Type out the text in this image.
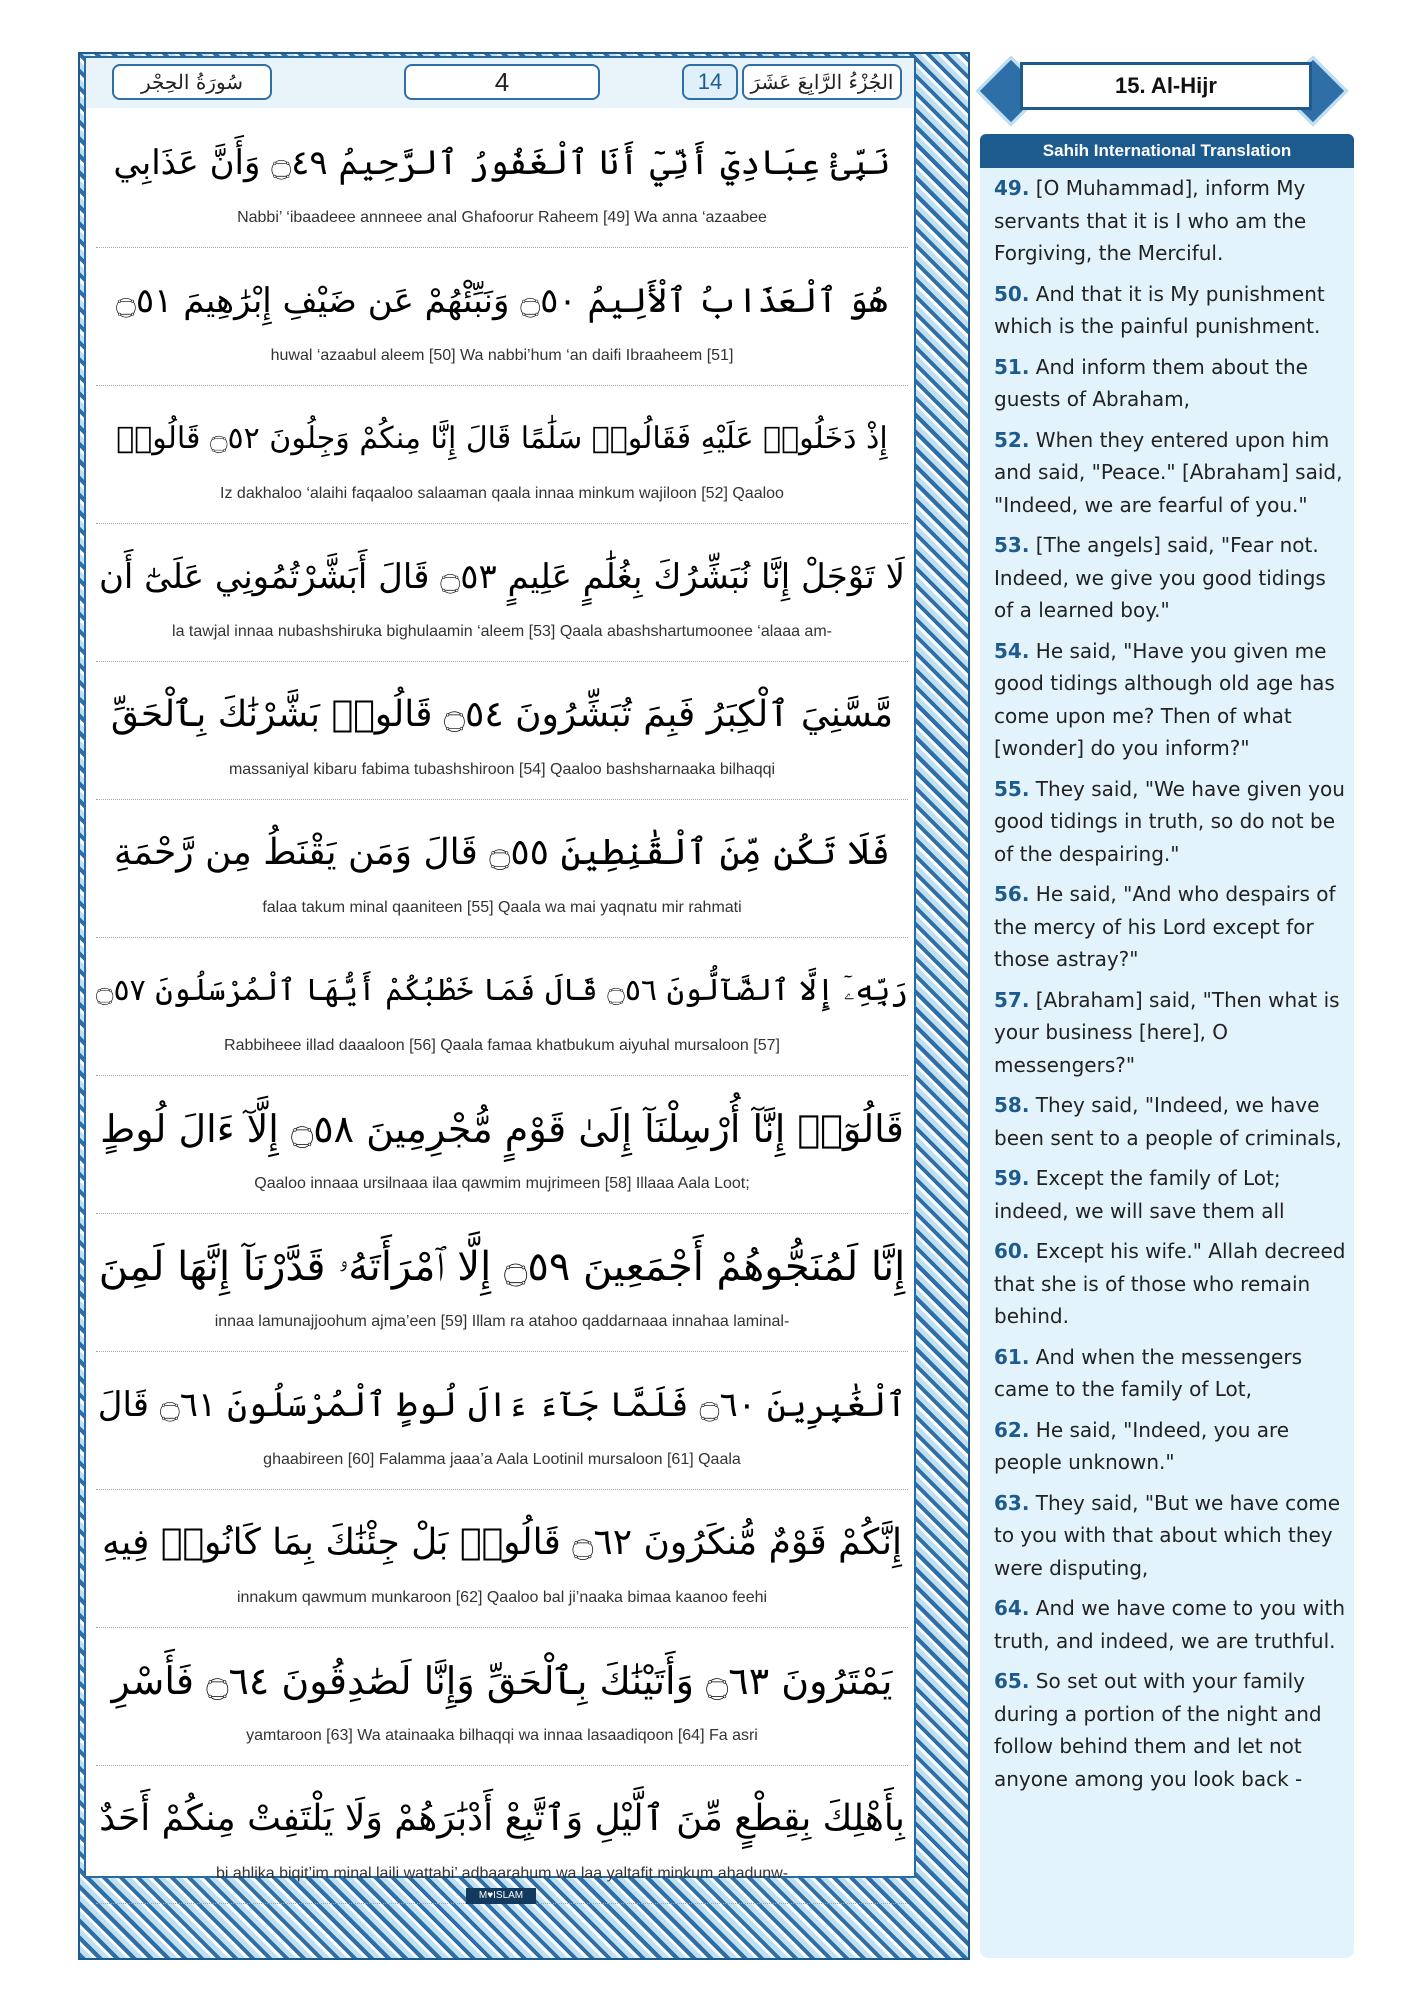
سُورَةُ الحِجْر	4	14	الجُزْءُ الرَّابِعَ عَشَرَ
نَبِّئْ عِبَادِيٓ أَنِّيٓ أَنَا ٱلْغَفُورُ ٱلرَّحِيمُ ۝٤٩ وَأَنَّ عَذَابِي
Nabbi’ ‘ibaadeee annneee anal Ghafoorur Raheem [49] Wa anna ‘azaabee
هُوَ ٱلْعَذَابُ ٱلْأَلِيمُ ۝٥٠ وَنَبِّئْهُمْ عَن ضَيْفِ إِبْرَٰهِيمَ ۝٥١
huwal ‘azaabul aleem [50] Wa nabbi’hum ‘an daifi Ibraaheem [51]
إِذْ دَخَلُوا۟ عَلَيْهِ فَقَالُوا۟ سَلَٰمًا قَالَ إِنَّا مِنكُمْ وَجِلُونَ ۝٥٢ قَالُوا۟
Iz dakhaloo ‘alaihi faqaaloo salaaman qaala innaa minkum wajiloon [52] Qaaloo
لَا تَوْجَلْ إِنَّا نُبَشِّرُكَ بِغُلَٰمٍ عَلِيمٍ ۝٥٣ قَالَ أَبَشَّرْتُمُونِي عَلَىٰٓ أَن
la tawjal innaa nubashshiruka bighulaamin ‘aleem [53] Qaala abashshartumoonee ‘alaaa am-
مَّسَّنِيَ ٱلْكِبَرُ فَبِمَ تُبَشِّرُونَ ۝٥٤ قَالُوا۟ بَشَّرْنَٰكَ بِٱلْحَقِّ
massaniyal kibaru fabima tubashshiroon [54] Qaaloo bashsharnaaka bilhaqqi
فَلَا تَكُن مِّنَ ٱلْقَٰنِطِينَ ۝٥٥ قَالَ وَمَن يَقْنَطُ مِن رَّحْمَةِ
falaa takum minal qaaniteen [55] Qaala wa mai yaqnatu mir rahmati
رَبِّهِۦٓ إِلَّا ٱلضَّآلُّونَ ۝٥٦ قَالَ فَمَا خَطْبُكُمْ أَيُّهَا ٱلْمُرْسَلُونَ ۝٥٧
Rabbiheee illad daaaloon [56] Qaala famaa khatbukum aiyuhal mursaloon [57]
قَالُوٓا۟ إِنَّآ أُرْسِلْنَآ إِلَىٰ قَوْمٍ مُّجْرِمِينَ ۝٥٨ إِلَّآ ءَالَ لُوطٍ
Qaaloo innaaa ursilnaaa ilaa qawmim mujrimeen [58] Illaaa Aala Loot;
إِنَّا لَمُنَجُّوهُمْ أَجْمَعِينَ ۝٥٩ إِلَّا ٱمْرَأَتَهُۥ قَدَّرْنَآ إِنَّهَا لَمِنَ
innaa lamunajjoohum ajma’een [59] Illam ra atahoo qaddarnaaa innahaa laminal-
ٱلْغَٰبِرِينَ ۝٦٠ فَلَمَّا جَآءَ ءَالَ لُوطٍ ٱلْمُرْسَلُونَ ۝٦١ قَالَ
ghaabireen [60] Falamma jaaa’a Aala Lootinil mursaloon [61] Qaala
إِنَّكُمْ قَوْمٌ مُّنكَرُونَ ۝٦٢ قَالُوا۟ بَلْ جِئْنَٰكَ بِمَا كَانُوا۟ فِيهِ
innakum qawmum munkaroon [62] Qaaloo bal ji’naaka bimaa kaanoo feehi
يَمْتَرُونَ ۝٦٣ وَأَتَيْنَٰكَ بِٱلْحَقِّ وَإِنَّا لَصَٰدِقُونَ ۝٦٤ فَأَسْرِ
yamtaroon [63] Wa atainaaka bilhaqqi wa innaa lasaadiqoon [64] Fa asri
بِأَهْلِكَ بِقِطْعٍ مِّنَ ٱلَّيْلِ وَٱتَّبِعْ أَدْبَٰرَهُمْ وَلَا يَلْتَفِتْ مِنكُمْ أَحَدٌ
bi ahlika biqit’im minal laili wattabi’ adbaarahum wa laa yaltafit minkum ahadunw-
M♥ISLAM
15. Al-Hijr
Sahih International Translation
49. [O Muhammad], inform My servants that it is I who am the Forgiving, the Merciful.
50. And that it is My punishment which is the painful punishment.
51. And inform them about the guests of Abraham,
52. When they entered upon him and said, "Peace." [Abraham] said, "Indeed, we are fearful of you."
53. [The angels] said, "Fear not. Indeed, we give you good tidings of a learned boy."
54. He said, "Have you given me good tidings although old age has come upon me? Then of what [wonder] do you inform?"
55. They said, "We have given you good tidings in truth, so do not be of the despairing."
56. He said, "And who despairs of the mercy of his Lord except for those astray?"
57. [Abraham] said, "Then what is your business [here], O messengers?"
58. They said, "Indeed, we have been sent to a people of criminals,
59. Except the family of Lot; indeed, we will save them all
60. Except his wife." Allah decreed that she is of those who remain behind.
61. And when the messengers came to the family of Lot,
62. He said, "Indeed, you are people unknown."
63. They said, "But we have come to you with that about which they were disputing,
64. And we have come to you with truth, and indeed, we are truthful.
65. So set out with your family during a portion of the night and follow behind them and let not anyone among you look back -
